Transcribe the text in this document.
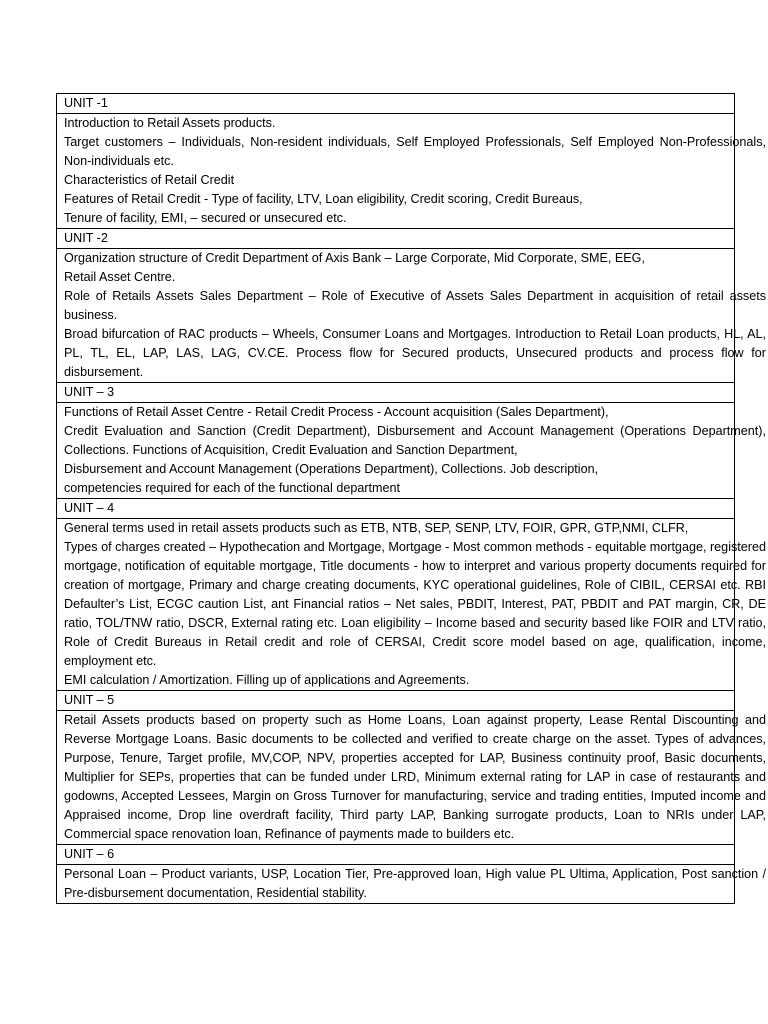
UNIT -1

Introduction to Retail Assets products.

Target customers – Individuals, Non-resident individuals, Self Employed Professionals, Self Employed Non-Professionals, Non-individuals etc.

Characteristics of Retail Credit

Features of Retail Credit - Type of facility, LTV, Loan eligibility, Credit scoring, Credit Bureaus,

Tenure of facility, EMI, – secured or unsecured etc.

UNIT -2

Organization structure of Credit Department of Axis Bank – Large Corporate, Mid Corporate, SME, EEG,

Retail Asset Centre.

Role of Retails Assets Sales Department – Role of Executive of Assets Sales Department in acquisition of retail assets business.

Broad bifurcation of RAC products – Wheels, Consumer Loans and Mortgages. Introduction to Retail Loan products, HL, AL, PL, TL, EL, LAP, LAS, LAG, CV.CE. Process flow for Secured products, Unsecured products and process flow for disbursement.

UNIT – 3

Functions of Retail Asset Centre - Retail Credit Process - Account acquisition (Sales Department),

Credit Evaluation and Sanction (Credit Department), Disbursement and Account Management (Operations Department), Collections. Functions of Acquisition, Credit Evaluation and Sanction Department,

Disbursement and Account Management (Operations Department), Collections. Job description,

competencies required for each of the functional department

UNIT – 4

General terms used in retail assets products such as ETB, NTB, SEP, SENP, LTV, FOIR, GPR, GTP,NMI, CLFR,

Types of charges created – Hypothecation and Mortgage, Mortgage - Most common methods - equitable mortgage, registered mortgage, notification of equitable mortgage, Title documents - how to interpret and various property documents required for creation of mortgage, Primary and charge creating documents, KYC operational guidelines, Role of CIBIL, CERSAI etc. RBI Defaulter’s List, ECGC caution List, ant Financial ratios – Net sales, PBDIT, Interest, PAT, PBDIT and PAT margin, CR, DE ratio, TOL/TNW ratio, DSCR, External rating etc. Loan eligibility – Income based and security based like FOIR and LTV ratio, Role of Credit Bureaus in Retail credit and role of CERSAI, Credit score model based on age, qualification, income, employment etc.

EMI calculation / Amortization. Filling up of applications and Agreements.

UNIT – 5

Retail Assets products based on property such as Home Loans, Loan against property, Lease Rental Discounting and Reverse Mortgage Loans. Basic documents to be collected and verified to create charge on the asset. Types of advances, Purpose, Tenure, Target profile, MV,COP, NPV, properties accepted for LAP, Business continuity proof, Basic documents, Multiplier for SEPs, properties that can be funded under LRD, Minimum external rating for LAP in case of restaurants and godowns, Accepted Lessees, Margin on Gross Turnover for manufacturing, service and trading entities, Imputed income and Appraised income, Drop line overdraft facility, Third party LAP, Banking surrogate products, Loan to NRIs under LAP, Commercial space renovation loan, Refinance of payments made to builders etc.

UNIT – 6

Personal Loan – Product variants, USP, Location Tier, Pre-approved loan, High value PL Ultima, Application, Post sanction / Pre-disbursement documentation, Residential stability.
